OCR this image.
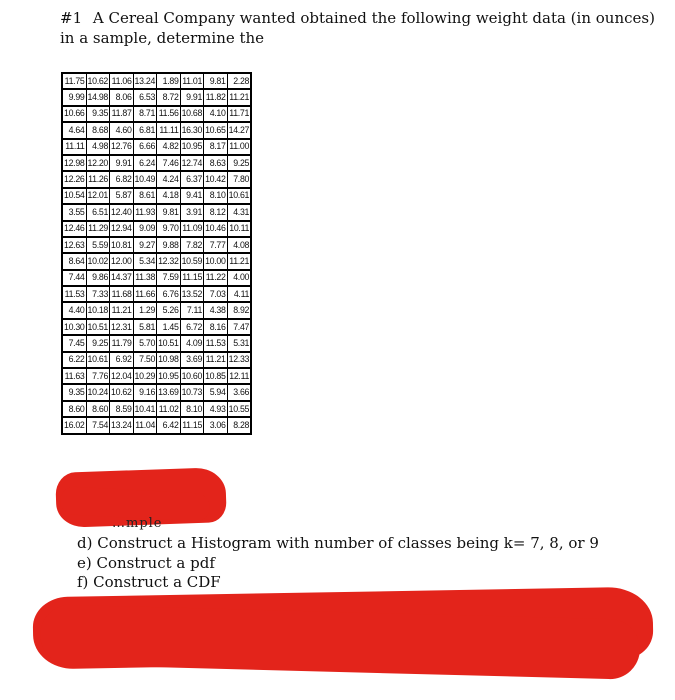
#1 A Cereal Company wanted obtained the following weight data (in ounces) in a sample, determine the

11.75	10.62	11.06	13.24	1.89	11.01	9.81	2.28
9.99	14.98	8.06	6.53	8.72	9.91	11.82	11.21
10.66	9.35	11.87	8.71	11.56	10.68	4.10	11.71
4.64	8.68	4.60	6.81	11.11	16.30	10.65	14.27
11.11	4.98	12.76	6.66	4.82	10.95	8.17	11.00
12.98	12.20	9.91	6.24	7.46	12.74	8.63	9.25
12.26	11.26	6.82	10.49	4.24	6.37	10.42	7.80
10.54	12.01	5.87	8.61	4.18	9.41	8.10	10.61
3.55	6.51	12.40	11.93	9.81	3.91	8.12	4.31
12.46	11.29	12.94	9.09	9.70	11.09	10.46	10.11
12.63	5.59	10.81	9.27	9.88	7.82	7.77	4.08
8.64	10.02	12.00	5.34	12.32	10.59	10.00	11.21
7.44	9.86	14.37	11.38	7.59	11.15	11.22	4.00
11.53	7.33	11.68	11.66	6.76	13.52	7.03	4.11
4.40	10.18	11.21	1.29	5.26	7.11	4.38	8.92
10.30	10.51	12.31	5.81	1.45	6.72	8.16	7.47
7.45	9.25	11.79	5.70	10.51	4.09	11.53	5.31
6.22	10.61	6.92	7.50	10.98	3.69	11.21	12.33
11.63	7.76	12.04	10.29	10.95	10.60	10.85	12.11
9.35	10.24	10.62	9.16	13.69	10.73	5.94	3.66
8.60	8.60	8.59	10.41	11.02	8.10	4.93	10.55
16.02	7.54	13.24	11.04	6.42	11.15	3.06	8.28
…mple
d) Construct a Histogram with number of classes being k= 7, 8, or 9
e) Construct a pdf
f) Construct a CDF
